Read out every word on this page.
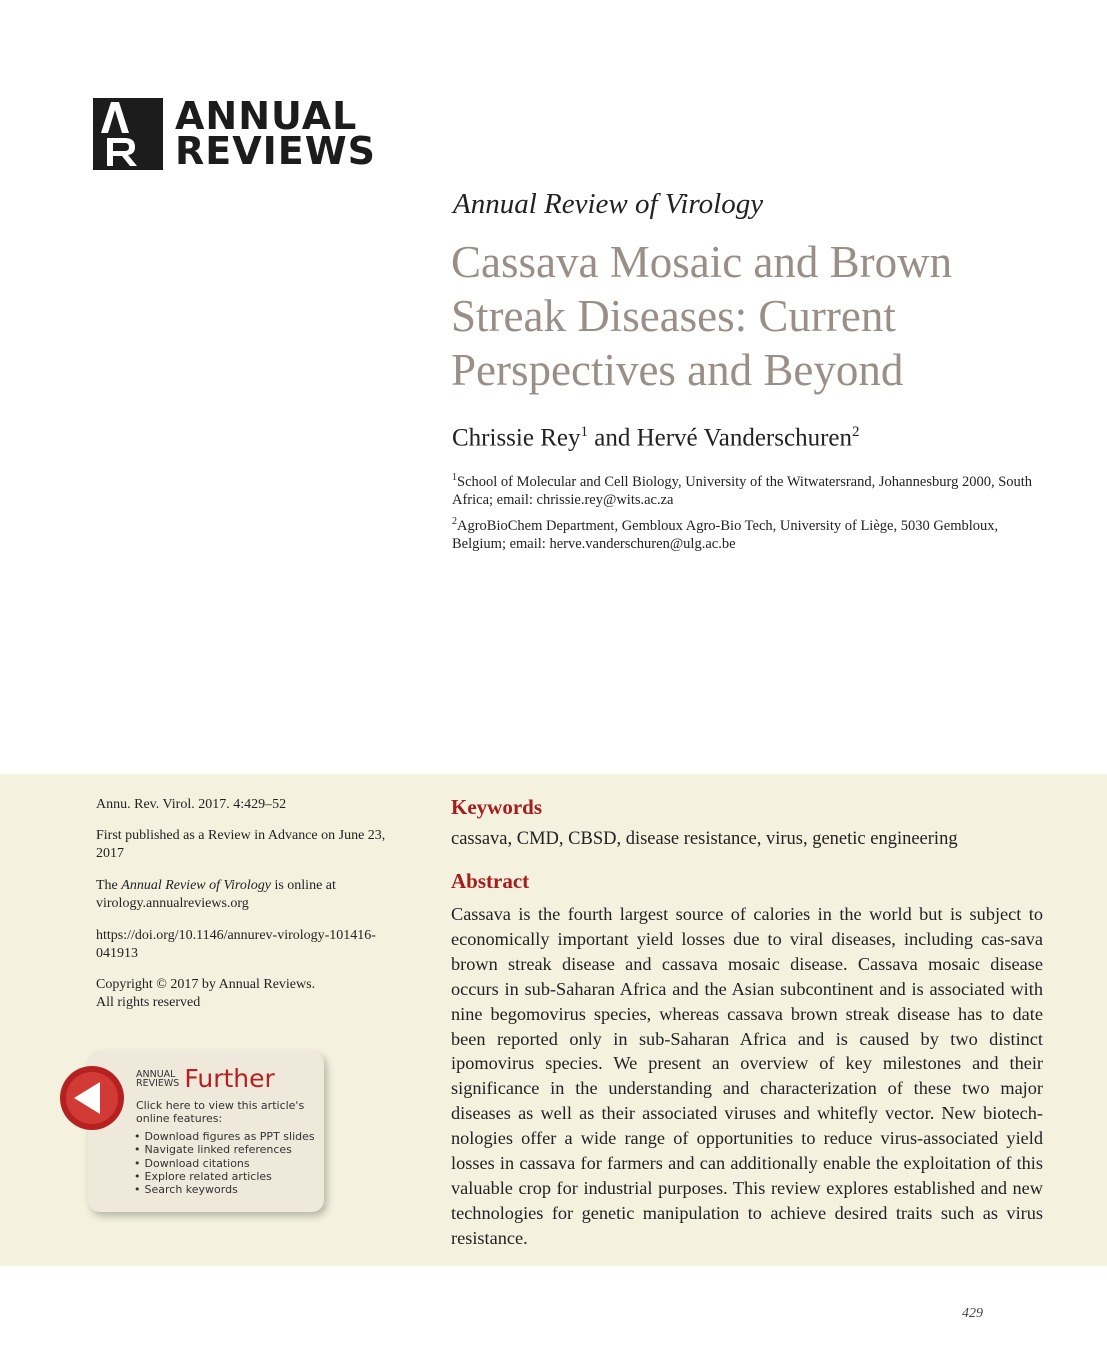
ANNUAL
REVIEWS
Annual Review of Virology
Cassava Mosaic and Brown Streak Diseases: Current Perspectives and Beyond
Chrissie Rey$^1$ and Hervé Vanderschuren$^2$
$^1$School of Molecular and Cell Biology, University of the Witwatersrand, Johannesburg 2000, South Africa; email: chrissie.rey@wits.ac.za
$^2$AgroBioChem Department, Gembloux Agro-Bio Tech, University of Liège, 5030 Gembloux, Belgium; email: herve.vanderschuren@ulg.ac.be
Annu. Rev. Virol. 2017. 4:429–52
First published as a Review in Advance on June 23, 2017
The Annual Review of Virology is online at virology.annualreviews.org
https://doi.org/10.1146/annurev-virology-101416-041913
Copyright © 2017 by Annual Reviews.
All rights reserved
ANNUAL
REVIEWS Further
Click here to view this article's online features:
• Download figures as PPT slides
• Navigate linked references
• Download citations
• Explore related articles
• Search keywords
Keywords
cassava, CMD, CBSD, disease resistance, virus, genetic engineering
Abstract

Cassava is the fourth largest source of calories in the world but is subject to economically important yield losses due to viral diseases, including cas-sava brown streak disease and cassava mosaic disease. Cassava mosaic disease occurs in sub-Saharan Africa and the Asian subcontinent and is associated with nine begomovirus species, whereas cassava brown streak disease has to date been reported only in sub-Saharan Africa and is caused by two distinct ipomovirus species. We present an overview of key milestones and their significance in the understanding and characterization of these two major diseases as well as their associated viruses and whitefly vector. New biotech-nologies offer a wide range of opportunities to reduce virus-associated yield losses in cassava for farmers and can additionally enable the exploitation of this valuable crop for industrial purposes. This review explores established and new technologies for genetic manipulation to achieve desired traits such as virus resistance.

429
